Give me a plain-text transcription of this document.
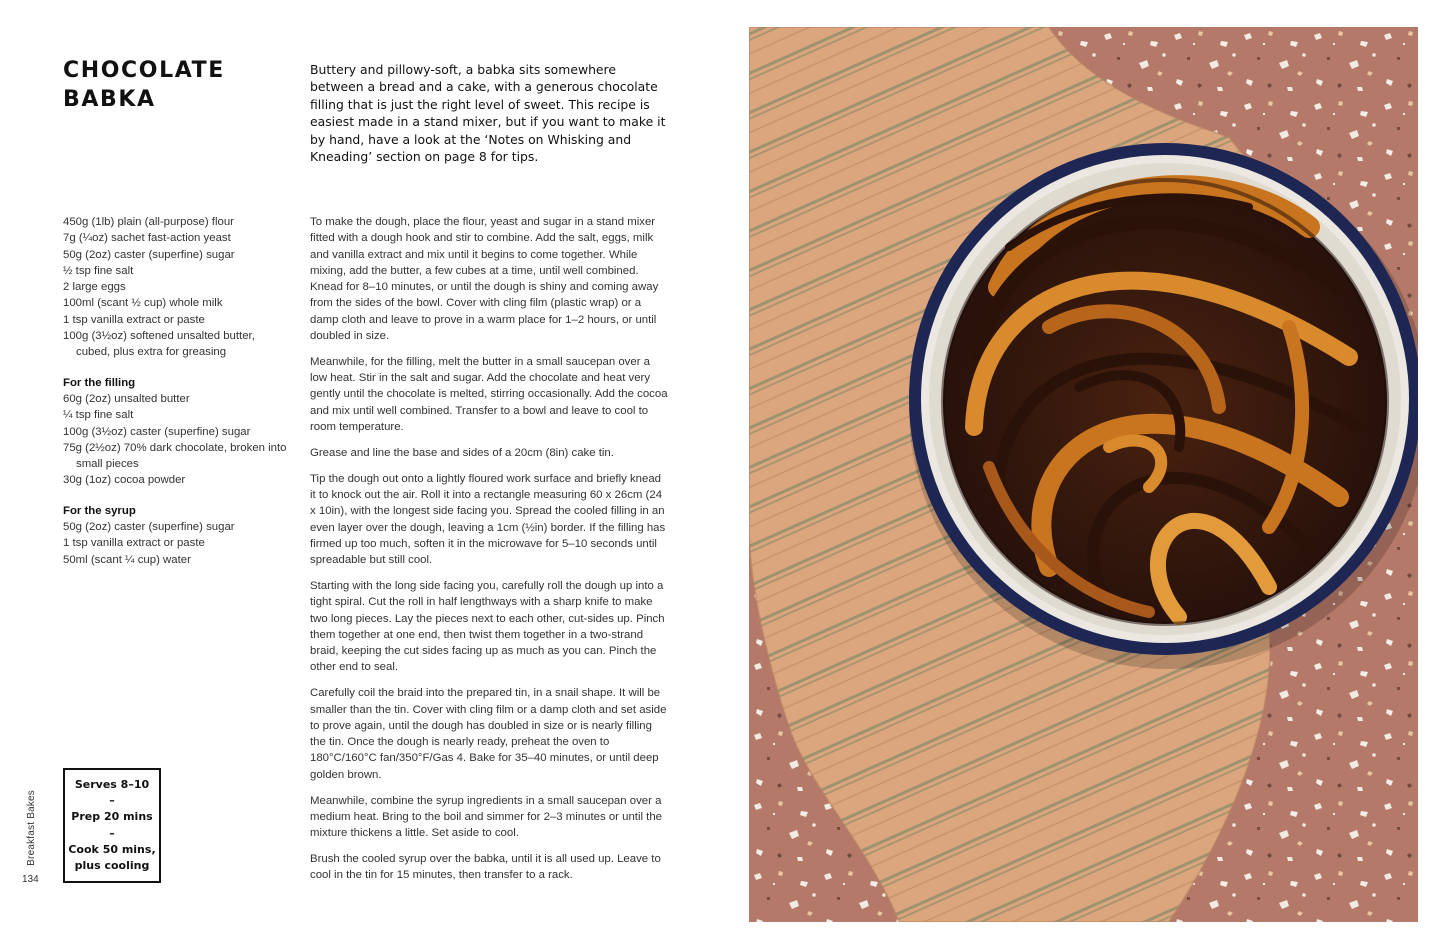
CHOCOLATE
BABKA

Buttery and pillowy-soft, a babka sits somewhere between a bread and a cake, with a generous chocolate filling that is just the right level of sweet. This recipe is easiest made in a stand mixer, but if you want to make it by hand, have a look at the ‘Notes on Whisking and Kneading’ section on page 8 for tips.

450g (1lb) plain (all-purpose) flour
7g (¼oz) sachet fast-action yeast
50g (2oz) caster (superfine) sugar
½ tsp fine salt
2 large eggs
100ml (scant ½ cup) whole milk
1 tsp vanilla extract or paste
100g (3½oz) softened unsalted butter, cubed, plus extra for greasing
For the filling
60g (2oz) unsalted butter
¼ tsp fine salt
100g (3½oz) caster (superfine) sugar
75g (2½oz) 70% dark chocolate, broken into small pieces
30g (1oz) cocoa powder
For the syrup
50g (2oz) caster (superfine) sugar
1 tsp vanilla extract or paste
50ml (scant ¼ cup) water

To make the dough, place the flour, yeast and sugar in a stand mixer fitted with a dough hook and stir to combine. Add the salt, eggs, milk and vanilla extract and mix until it begins to come together. While mixing, add the butter, a few cubes at a time, until well combined. Knead for 8–10 minutes, or until the dough is shiny and coming away from the sides of the bowl. Cover with cling film (plastic wrap) or a damp cloth and leave to prove in a warm place for 1–2 hours, or until doubled in size.

Meanwhile, for the filling, melt the butter in a small saucepan over a low heat. Stir in the salt and sugar. Add the chocolate and heat very gently until the chocolate is melted, stirring occasionally. Add the cocoa and mix until well combined. Transfer to a bowl and leave to cool to room temperature.

Grease and line the base and sides of a 20cm (8in) cake tin.

Tip the dough out onto a lightly floured work surface and briefly knead it to knock out the air. Roll it into a rectangle measuring 60 x 26cm (24 x 10in), with the longest side facing you. Spread the cooled filling in an even layer over the dough, leaving a 1cm (½in) border. If the filling has firmed up too much, soften it in the microwave for 5–10 seconds until spreadable but still cool.

Starting with the long side facing you, carefully roll the dough up into a tight spiral. Cut the roll in half lengthways with a sharp knife to make two long pieces. Lay the pieces next to each other, cut-sides up. Pinch them together at one end, then twist them together in a two-strand braid, keeping the cut sides facing up as much as you can. Pinch the other end to seal.

Carefully coil the braid into the prepared tin, in a snail shape. It will be smaller than the tin. Cover with cling film or a damp cloth and set aside to prove again, until the dough has doubled in size or is nearly filling the tin. Once the dough is nearly ready, preheat the oven to 180°C/160°C fan/350°F/Gas 4. Bake for 35–40 minutes, or until deep golden brown.

Meanwhile, combine the syrup ingredients in a small saucepan over a medium heat. Bring to the boil and simmer for 2–3 minutes or until the mixture thickens a little. Set aside to cool.

Brush the cooled syrup over the babka, until it is all used up. Leave to cool in the tin for 15 minutes, then transfer to a rack.

Serves 8–10
–
Prep 20 mins
–
Cook 50 mins,
plus cooling
Breakfast Bakes
134
